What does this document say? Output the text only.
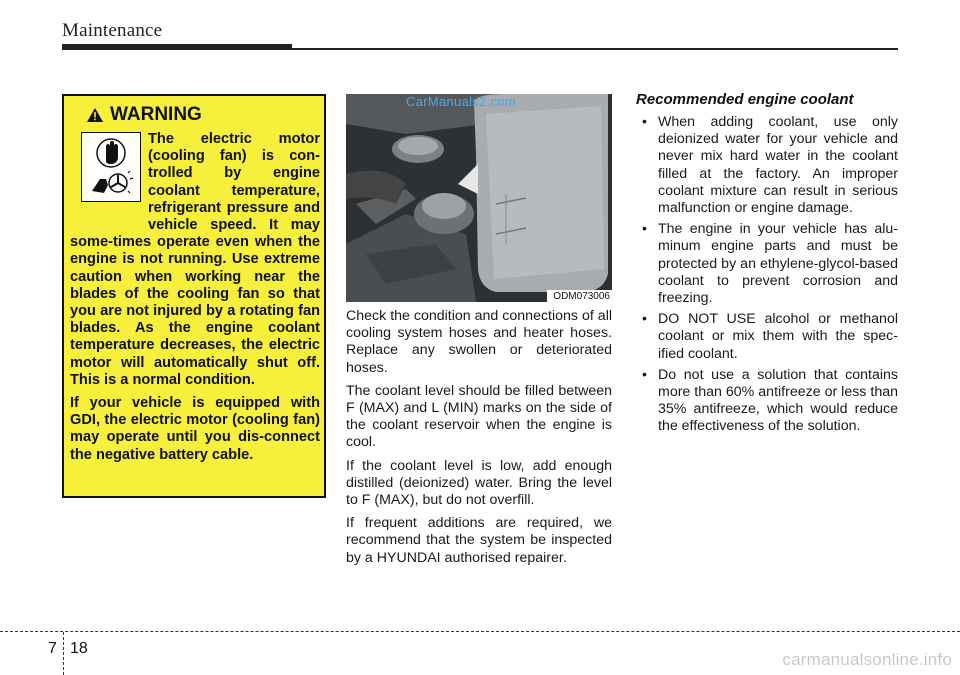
Maintenance
WARNING

The electric motor (cooling fan) is con-trolled by engine coolant temperature, refrigerant pressure and vehicle speed. It may some-times operate even when the engine is not running. Use extreme caution when working near the blades of the cooling fan so that you are not injured by a rotating fan blades. As the engine coolant temperature decreases, the electric motor will automatically shut off. This is a normal condition.

If your vehicle is equipped with GDI, the electric motor (cooling fan) may operate until you dis-connect the negative battery cable.

CarManuals2.com
ODM073006

Check the condition and connections of all cooling system hoses and heater hoses. Replace any swollen or deteriorated hoses.

The coolant level should be filled between F (MAX) and L (MIN) marks on the side of the coolant reservoir when the engine is cool.

If the coolant level is low, add enough distilled (deionized) water. Bring the level to F (MAX), but do not overfill.

If frequent additions are required, we recommend that the system be inspected by a HYUNDAI authorised repairer.

Recommended engine coolant
• When adding coolant, use only deionized water for your vehicle and never mix hard water in the coolant filled at the factory. An improper coolant mixture can result in serious malfunction or engine damage.
• The engine in your vehicle has alu-minum engine parts and must be protected by an ethylene-glycol-based coolant to prevent corrosion and freezing.
• DO NOT USE alcohol or methanol coolant or mix them with the spec-ified coolant.
• Do not use a solution that contains more than 60% antifreeze or less than 35% antifreeze, which would reduce the effectiveness of the solution.
7 18
carmanualsonline.info
